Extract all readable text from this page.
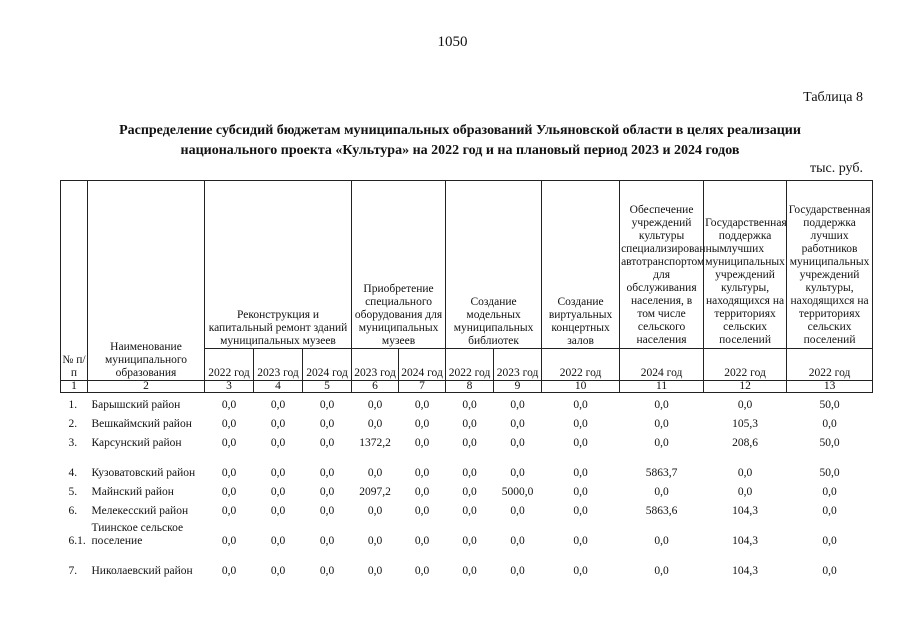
1050
Таблица 8
Распределение субсидий бюджетам муниципальных образований Ульяновской области в целях реализации
национального проекта «Культура» на 2022 год и на плановый период 2023 и 2024 годов
тыс. руб.
№ п/п	Наименование муниципального образования	Реконструкция и капитальный ремонт зданий муниципальных музеев			Приобретение специального оборудования для муниципальных музеев		Создание модельных муниципальных библиотек		Создание виртуальных концертных залов	Обеспечение учреждений культуры специализированным автотранспортом для обслуживания населения, в том числе сельского населения	Государственная поддержка лучших муниципальных учреждений культуры, находящихся на территориях сельских поселений	Государственная поддержка лучших работников муниципальных учреждений культуры, находящихся на территориях сельских поселений
		2022 год	2023 год	2024 год	2023 год	2024 год	2022 год	2023 год	2022 год	2024 год	2022 год	2022 год
1	2	3	4	5	6	7	8	9	10	11	12	13
1.	Барышский район	0,0	0,0	0,0	0,0	0,0	0,0	0,0	0,0	0,0	0,0	50,0
2.	Вешкаймский район	0,0	0,0	0,0	0,0	0,0	0,0	0,0	0,0	0,0	105,3	0,0
3.	Карсунский район	0,0	0,0	0,0	1372,2	0,0	0,0	0,0	0,0	0,0	208,6	50,0
4.	Кузоватовский район	0,0	0,0	0,0	0,0	0,0	0,0	0,0	0,0	5863,7	0,0	50,0
5.	Майнский район	0,0	0,0	0,0	2097,2	0,0	0,0	5000,0	0,0	0,0	0,0	0,0
6.	Мелекесский район	0,0	0,0	0,0	0,0	0,0	0,0	0,0	0,0	5863,6	104,3	0,0
6.1.	Тиинское сельское поселение	0,0	0,0	0,0	0,0	0,0	0,0	0,0	0,0	0,0	104,3	0,0
7.	Николаевский район	0,0	0,0	0,0	0,0	0,0	0,0	0,0	0,0	0,0	104,3	0,0
